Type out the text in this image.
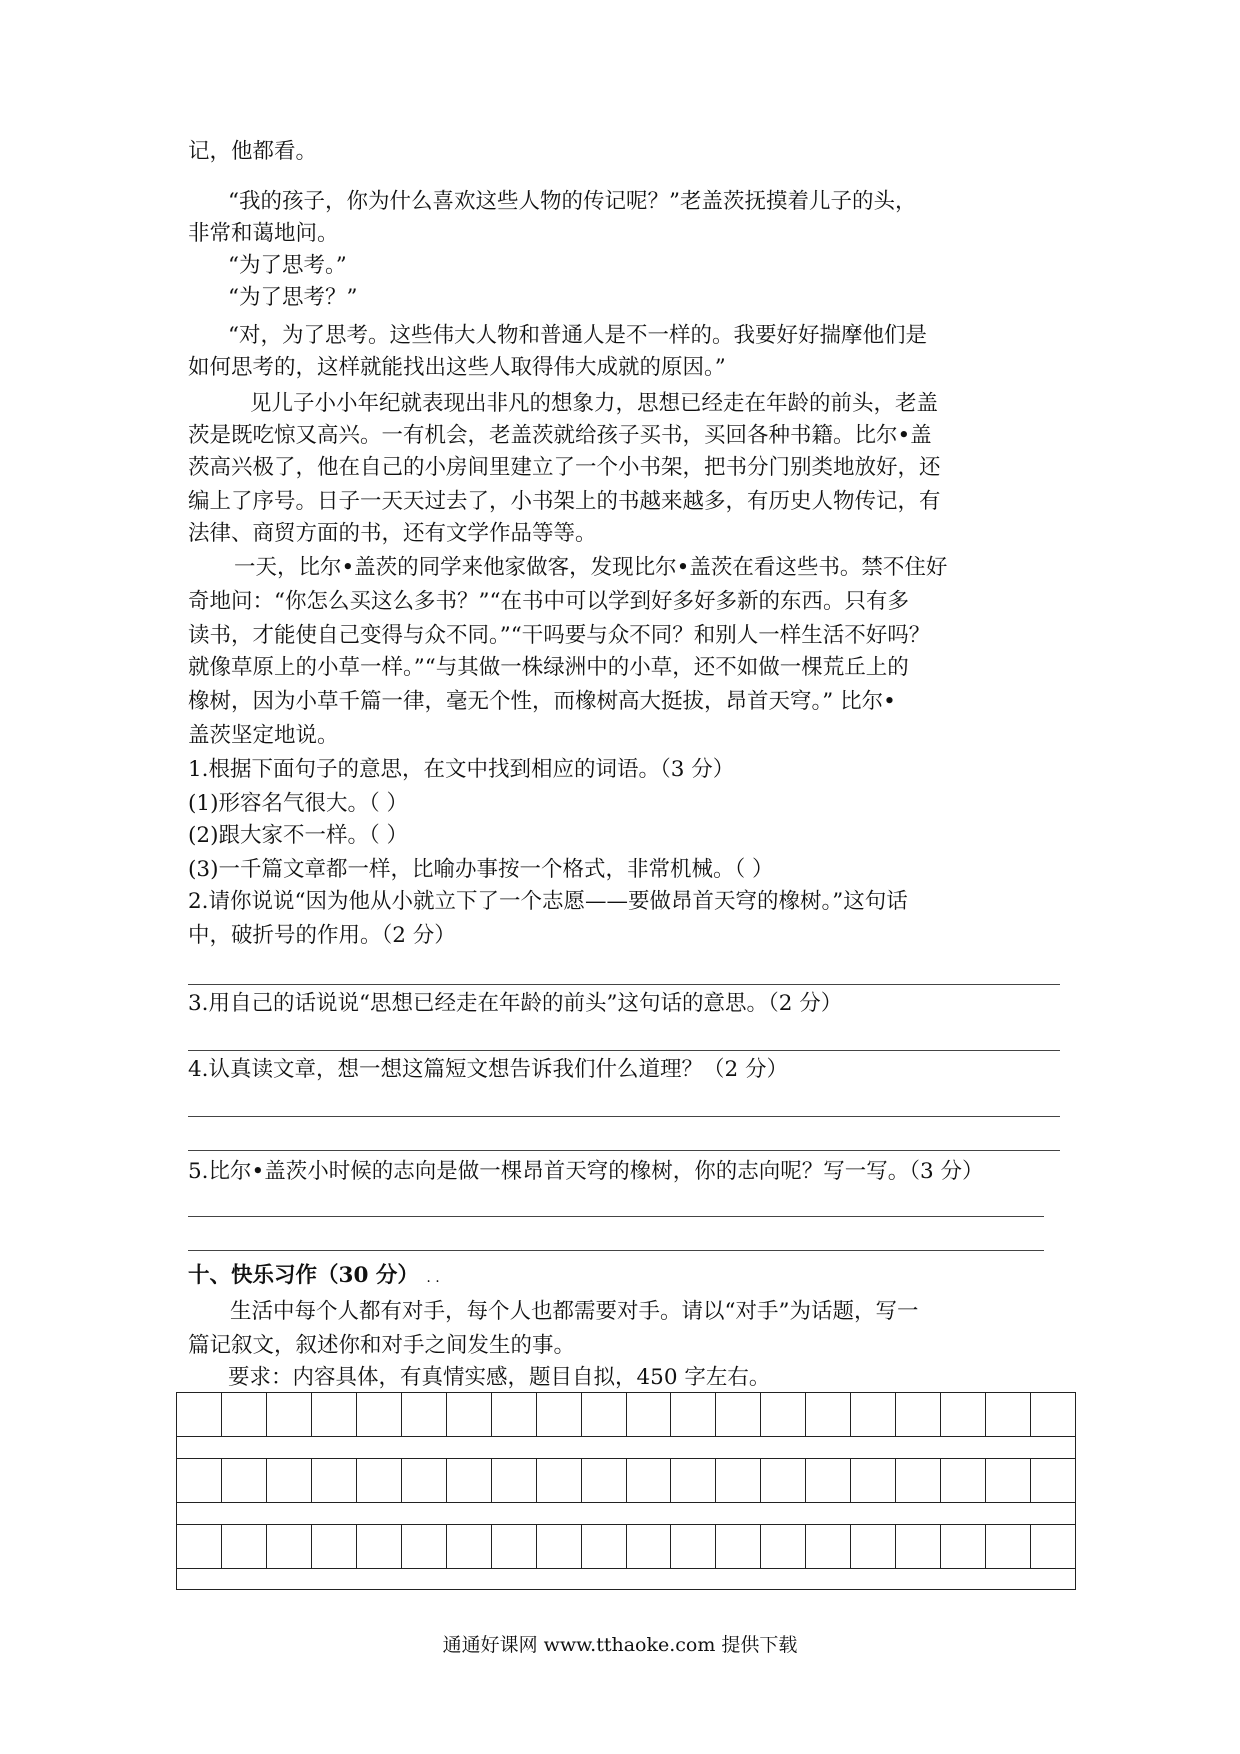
记，他都看。
“我的孩子，你为什么喜欢这些人物的传记呢？”老盖茨抚摸着儿子的头，
非常和蔼地问。
“为了思考。”
“为了思考？”
“对，为了思考。这些伟大人物和普通人是不一样的。我要好好揣摩他们是
如何思考的，这样就能找出这些人取得伟大成就的原因。”
见儿子小小年纪就表现出非凡的想象力，思想已经走在年龄的前头，老盖
茨是既吃惊又高兴。一有机会，老盖茨就给孩子买书，买回各种书籍。比尔•盖
茨高兴极了，他在自己的小房间里建立了一个小书架，把书分门别类地放好，还
编上了序号。日子一天天过去了，小书架上的书越来越多，有历史人物传记，有
法律、商贸方面的书，还有文学作品等等。
一天，比尔•盖茨的同学来他家做客，发现比尔•盖茨在看这些书。禁不住好
奇地问：“你怎么买这么多书？”“在书中可以学到好多好多新的东西。只有多
读书，才能使自己变得与众不同。”“干吗要与众不同？和别人一样生活不好吗？
就像草原上的小草一样。”“与其做一株绿洲中的小草，还不如做一棵荒丘上的
橡树，因为小草千篇一律，毫无个性，而橡树高大挺拔，昂首天穹。” 比尔•
盖茨坚定地说。
1.根据下面句子的意思，在文中找到相应的词语。（3 分）
(1)形容名气很大。（ ）
(2)跟大家不一样。（ ）
(3)一千篇文章都一样，比喻办事按一个格式，非常机械。（ ）
2.请你说说“因为他从小就立下了一个志愿——要做昂首天穹的橡树。”这句话
中，破折号的作用。（2 分）
3.用自己的话说说“思想已经走在年龄的前头”这句话的意思。（2 分）
4.认真读文章，想一想这篇短文想告诉我们什么道理？（2 分）
5.比尔•盖茨小时候的志向是做一棵昂首天穹的橡树，你的志向呢？写一写。（3 分）
十、快乐习作（30 分） . .
生活中每个人都有对手，每个人也都需要对手。请以“对手”为话题，写一
篇记叙文，叙述你和对手之间发生的事。
要求：内容具体，有真情实感，题目自拟，450 字左右。
通通好课网 www.tthaoke.com 提供下载
